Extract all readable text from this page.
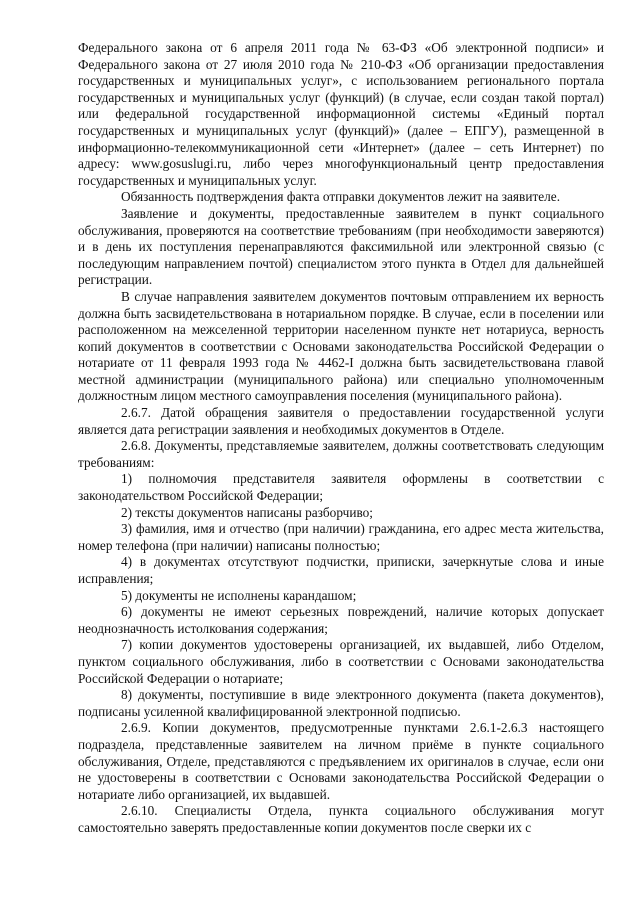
Федерального закона от 6 апреля 2011 года № 63-ФЗ «Об электронной подписи» и Федерального закона от 27 июля 2010 года № 210-ФЗ «Об организации предоставления государственных и муниципальных услуг», с использованием регионального портала государственных и муниципальных услуг (функций) (в случае, если создан такой портал) или федеральной государственной информационной системы «Единый портал государственных и муниципальных услуг (функций)» (далее – ЕПГУ), размещенной в информационно-телекоммуникационной сети «Интернет» (далее – сеть Интернет) по адресу: www.gosuslugi.ru, либо через многофункциональный центр предоставления государственных и муниципальных услуг.

Обязанность подтверждения факта отправки документов лежит на заявителе.

Заявление и документы, предоставленные заявителем в пункт социального обслуживания, проверяются на соответствие требованиям (при необходимости заверяются) и в день их поступления перенаправляются факсимильной или электронной связью (с последующим направлением почтой) специалистом этого пункта в Отдел для дальнейшей регистрации.

В случае направления заявителем документов почтовым отправлением их верность должна быть засвидетельствована в нотариальном порядке. В случае, если в поселении или расположенном на межселенной территории населенном пункте нет нотариуса, верность копий документов в соответствии с Основами законодательства Российской Федерации о нотариате от 11 февраля 1993 года № 4462-I должна быть засвидетельствована главой местной администрации (муниципального района) или специально уполномоченным должностным лицом местного самоуправления поселения (муниципального района).

2.6.7. Датой обращения заявителя о предоставлении государственной услуги является дата регистрации заявления и необходимых документов в Отделе.

2.6.8. Документы, представляемые заявителем, должны соответствовать следующим требованиям:

1) полномочия представителя заявителя оформлены в соответствии с законодательством Российской Федерации;

2) тексты документов написаны разборчиво;

3) фамилия, имя и отчество (при наличии) гражданина, его адрес места жительства, номер телефона (при наличии) написаны полностью;

4) в документах отсутствуют подчистки, приписки, зачеркнутые слова и иные исправления;

5) документы не исполнены карандашом;

6) документы не имеют серьезных повреждений, наличие которых допускает неоднозначность истолкования содержания;

7) копии документов удостоверены организацией, их выдавшей, либо Отделом, пунктом социального обслуживания, либо в соответствии с Основами законодательства Российской Федерации о нотариате;

8) документы, поступившие в виде электронного документа (пакета документов), подписаны усиленной квалифицированной электронной подписью.

2.6.9. Копии документов, предусмотренные пунктами 2.6.1-2.6.3 настоящего подраздела, представленные заявителем на личном приёме в пункте социального обслуживания, Отделе, представляются с предъявлением их оригиналов в случае, если они не удостоверены в соответствии с Основами законодательства Российской Федерации о нотариате либо организацией, их выдавшей.

2.6.10. Специалисты Отдела, пункта социального обслуживания могут самостоятельно заверять предоставленные копии документов после сверки их с
